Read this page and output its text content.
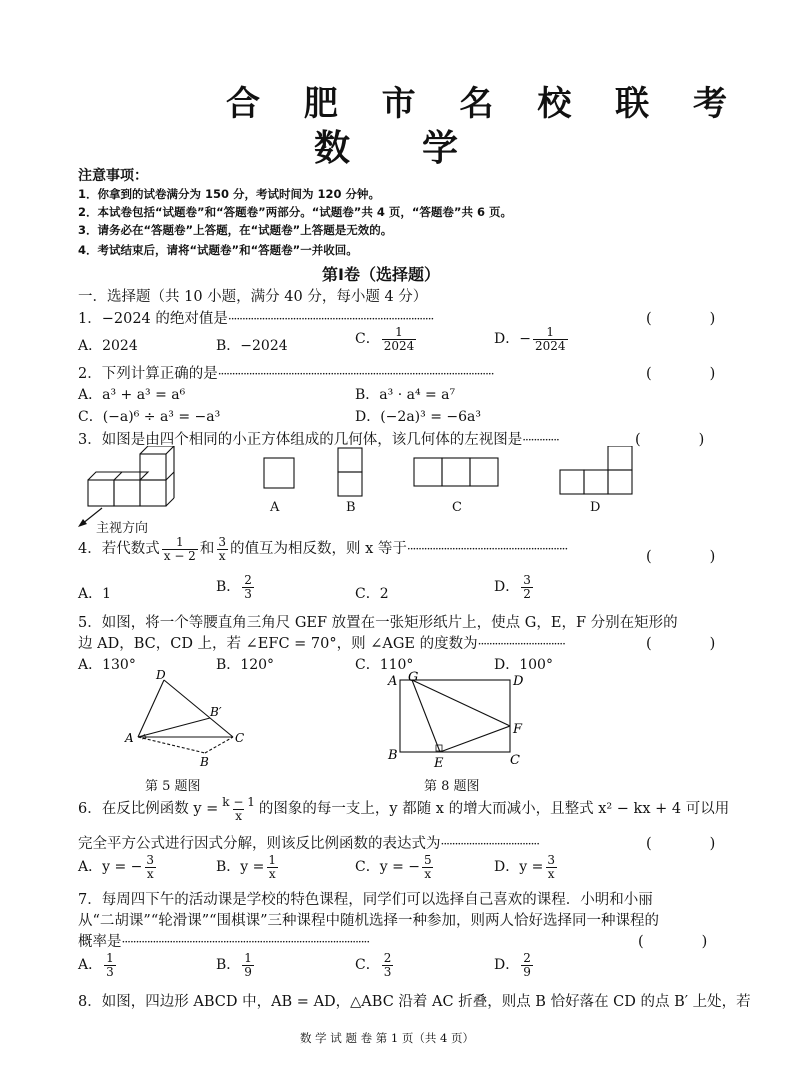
合 肥 市 名 校 联 考
数　　学
注意事项：
1．你拿到的试卷满分为 150 分，考试时间为 120 分钟。
2．本试卷包括“试题卷”和“答题卷”两部分。“试题卷”共 4 页，“答题卷”共 6 页。
3．请务必在“答题卷”上答题，在“试题卷”上答题是无效的。
4．考试结束后，请将“试题卷”和“答题卷”一并收回。
第Ⅰ卷（选择题）
一．选择题（共 10 小题，满分 40 分，每小题 4 分）
1．−2024 的绝对值是·········································································	(　　　　)
A．2024	B．−2024	C． $\frac{1}{2024}$	D．− $\frac{1}{2024}$
2．下列计算正确的是··································································································	(　　　　)
A．a³ + a³ = a⁶	B．a³ · a⁴ = a⁷
C．(−a)⁶ ÷ a³ = −a³	D．(−2a)³ = −6a³
3．如图是由四个相同的小正方体组成的几何体，该几何体的左视图是·············	(　　　　)
主视方向
A	B	C	D
4．若代数式 $\frac{1}{x - 2}$ 和 $\frac{3}{x}$ 的值互为相反数，则 x 等于·························································	(　　　　)
A．1	B． $\frac{2}{3}$	C．2	D． $\frac{3}{2}$
5．如图，将一个等腰直角三角尺 GEF 放置在一张矩形纸片上，使点 G，E，F 分别在矩形的
边 AD，BC，CD 上，若 ∠EFC = 70°，则 ∠AGE 的度数为·······························	(　　　　)
A．130°	B．120°	C．110°	D．100°
D
B′
A	C
B
第 5 题图
A G	D
F
B
E	C
第 8 题图
6．在反比例函数 $y = \frac{k - 1}{x}$ 的图象的每一支上，y 都随 x 的增大而减小，且整式 x² − kx + 4 可以用
完全平方公式进行因式分解，则该反比例函数的表达式为···································	(　　　　)
A．y = − $\frac{3}{x}$	B．$y = \frac{1}{x}$	C．y = − $\frac{5}{x}$	D．$y = \frac{3}{x}$
7．每周四下午的活动课是学校的特色课程，同学们可以选择自己喜欢的课程．小明和小丽
从“二胡课”“轮滑课”“围棋课”三种课程中随机选择一种参加，则两人恰好选择同一种课程的
概率是························································································	(　　　　)
A． $\frac{1}{3}$	B． $\frac{1}{9}$	C． $\frac{2}{3}$	D． $\frac{2}{9}$
8．如图，四边形 ABCD 中，AB = AD，△ABC 沿着 AC 折叠，则点 B 恰好落在 CD 的点 B′ 上处，若
数 学 试 题 卷 第 1 页（共 4 页）
